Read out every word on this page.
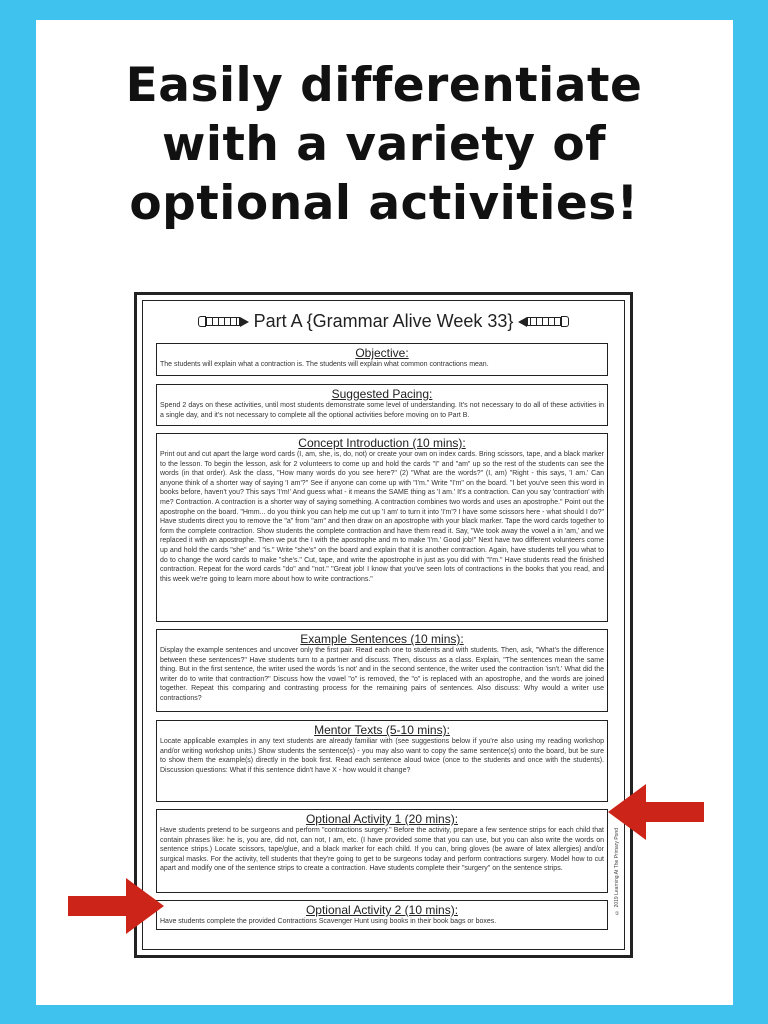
Easily differentiate
with a variety of
optional activities!
Part A {Grammar Alive Week 33}
Objective:

The students will explain what a contraction is. The students will explain what common contractions mean.

Suggested Pacing:

Spend 2 days on these activities, until most students demonstrate some level of understanding. It's not necessary to do all of these activities in a single day, and it's not necessary to complete all the optional activities before moving on to Part B.

Concept Introduction (10 mins):

Print out and cut apart the large word cards (I, am, she, is, do, not) or create your own on index cards. Bring scissors, tape, and a black marker to the lesson. To begin the lesson, ask for 2 volunteers to come up and hold the cards "I" and "am" up so the rest of the students can see the words (in that order). Ask the class, "How many words do you see here?" (2) "What are the words?" (I, am) "Right - this says, 'I am.' Can anyone think of a shorter way of saying 'I am'?" See if anyone can come up with "I'm." Write "I'm" on the board. "I bet you've seen this word in books before, haven't you? This says 'I'm!' And guess what - it means the SAME thing as 'I am.' It's a contraction. Can you say 'contraction' with me? Contraction. A contraction is a shorter way of saying something. A contraction combines two words and uses an apostrophe." Point out the apostrophe on the board. "Hmm... do you think you can help me cut up 'I am' to turn it into 'I'm'? I have some scissors here - what should I do?" Have students direct you to remove the "a" from "am" and then draw on an apostrophe with your black marker. Tape the word cards together to form the complete contraction. Show students the complete contraction and have them read it. Say, "We took away the vowel a in 'am,' and we replaced it with an apostrophe. Then we put the I with the apostrophe and m to make 'I'm.' Good job!" Next have two different volunteers come up and hold the cards "she" and "is." Write "she's" on the board and explain that it is another contraction. Again, have students tell you what to do to change the word cards to make "she's." Cut, tape, and write the apostrophe in just as you did with "I'm." Have students read the finished contraction. Repeat for the word cards "do" and "not." "Great job! I know that you've seen lots of contractions in the books that you read, and this week we're going to learn more about how to write contractions."

Example Sentences (10 mins):

Display the example sentences and uncover only the first pair. Read each one to students and with students. Then, ask, "What's the difference between these sentences?" Have students turn to a partner and discuss. Then, discuss as a class. Explain, "The sentences mean the same thing. But in the first sentence, the writer used the words 'is not' and in the second sentence, the writer used the contraction 'isn't.' What did the writer do to write that contraction?" Discuss how the vowel "o" is removed, the "o" is replaced with an apostrophe, and the words are joined together. Repeat this comparing and contrasting process for the remaining pairs of sentences. Also discuss: Why would a writer use contractions?

Mentor Texts (5-10 mins):

Locate applicable examples in any text students are already familiar with (see suggestions below if you're also using my reading workshop and/or writing workshop units.) Show students the sentence(s) - you may also want to copy the same sentence(s) onto the board, but be sure to show them the example(s) directly in the book first. Read each sentence aloud twice (once to the students and once with the students). Discussion questions: What if this sentence didn't have X - how would it change?

Optional Activity 1 (20 mins):

Have students pretend to be surgeons and perform "contractions surgery." Before the activity, prepare a few sentence strips for each child that contain phrases like: he is, you are, did not, can not, I am, etc. (I have provided some that you can use, but you can also write the words on sentence strips.) Locate scissors, tape/glue, and a black marker for each child. If you can, bring gloves (be aware of latex allergies) and/or surgical masks. For the activity, tell students that they're going to get to be surgeons today and perform contractions surgery. Model how to cut apart and modify one of the sentence strips to create a contraction. Have students complete their "surgery" on the sentence strips.

Optional Activity 2 (10 mins):

Have students complete the provided Contractions Scavenger Hunt using books in their book bags or boxes.

© 2019 Learning At The Primary Pond
